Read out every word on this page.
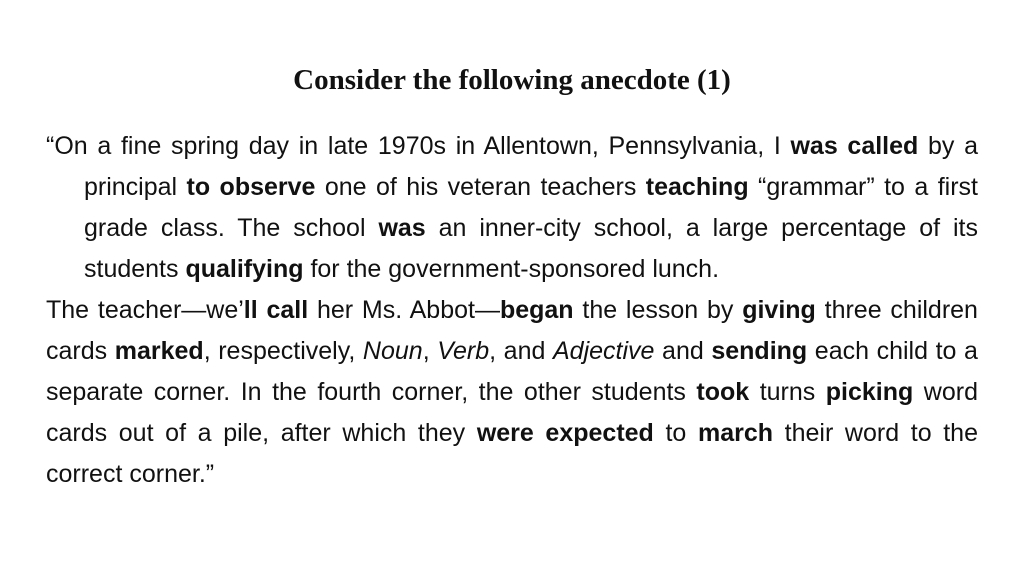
Consider the following anecdote (1)

“On a fine spring day in late 1970s in Allentown, Pennsylvania, I was called by a principal to observe one of his veteran teachers teaching “grammar” to a first grade class. The school was an inner-city school, a large percentage of its students qualifying for the government-sponsored lunch.

The teacher—we’ll call her Ms. Abbot—began the lesson by giving three children cards marked, respectively, Noun, Verb, and Adjective and sending each child to a separate corner. In the fourth corner, the other students took turns picking word cards out of a pile, after which they were expected to march their word to the correct corner.”
